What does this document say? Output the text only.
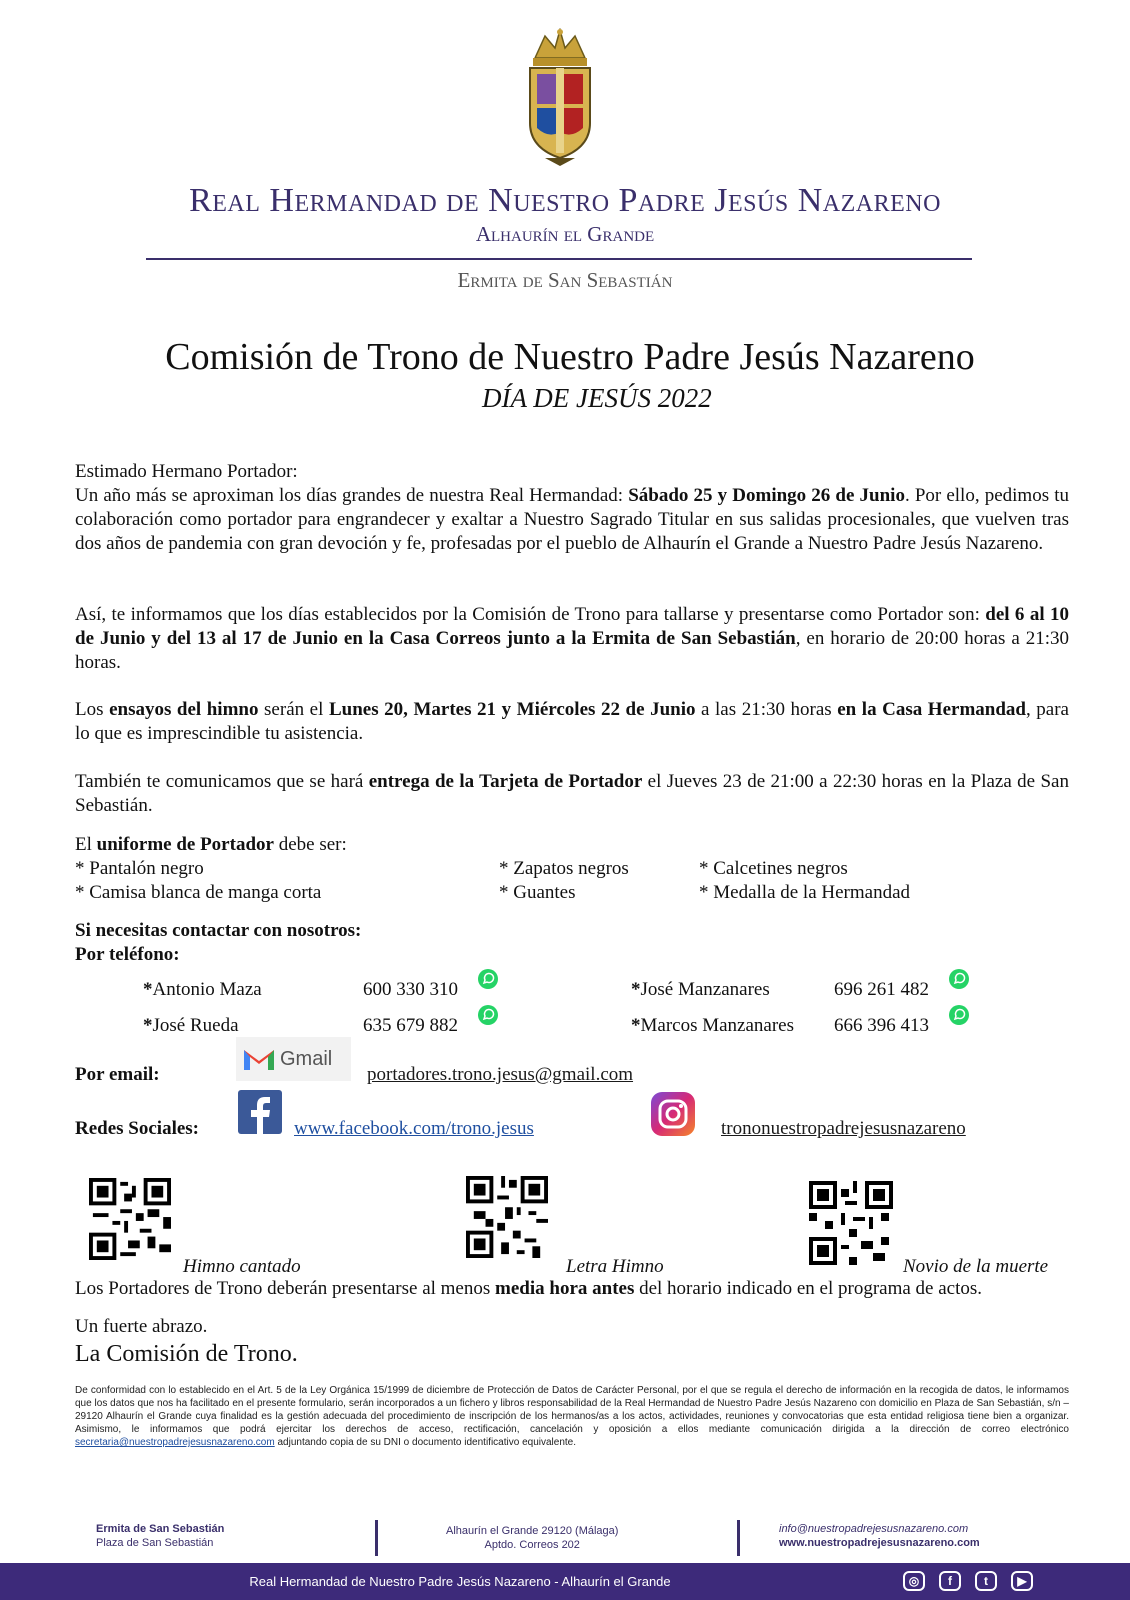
Real Hermandad de Nuestro Padre Jesús Nazareno
Alhaurín el Grande
Ermita de San Sebastián
Comisión de Trono de Nuestro Padre Jesús Nazareno
DÍA DE JESÚS 2022
Estimado Hermano Portador:
Un año más se aproximan los días grandes de nuestra Real Hermandad: Sábado 25 y Domingo 26 de Junio. Por ello, pedimos tu colaboración como portador para engrandecer y exaltar a Nuestro Sagrado Titular en sus salidas procesionales, que vuelven tras dos años de pandemia con gran devoción y fe, profesadas por el pueblo de Alhaurín el Grande a Nuestro Padre Jesús Nazareno.
Así, te informamos que los días establecidos por la Comisión de Trono para tallarse y presentarse como Portador son: del 6 al 10 de Junio y del 13 al 17 de Junio en la Casa Correos junto a la Ermita de San Sebastián, en horario de 20:00 horas a 21:30 horas.
Los ensayos del himno serán el Lunes 20, Martes 21 y Miércoles 22 de Junio a las 21:30 horas en la Casa Hermandad, para lo que es imprescindible tu asistencia.
También te comunicamos que se hará entrega de la Tarjeta de Portador el Jueves 23 de 21:00 a 22:30 horas en la Plaza de San Sebastián.
El uniforme de Portador debe ser:
* Pantalón negro
* Camisa blanca de manga corta
* Zapatos negros
* Guantes
* Calcetines negros
* Medalla de la Hermandad
Si necesitas contactar con nosotros:
Por teléfono:
*Antonio Maza	600 330 310
*José Rueda	635 679 882
*José Manzanares	696 261 482
*Marcos Manzanares 666 396 413
Por email:
Gmail
portadores.trono.jesus@gmail.com
Redes Sociales:	www.facebook.com/trono.jesus	trononuestropadrejesusnazareno
Himno cantado	Letra Himno	Novio de la muerte
Los Portadores de Trono deberán presentarse al menos media hora antes del horario indicado en el programa de actos.
Un fuerte abrazo.
La Comisión de Trono.
De conformidad con lo establecido en el Art. 5 de la Ley Orgánica 15/1999 de diciembre de Protección de Datos de Carácter Personal, por el que se regula el derecho de información en la recogida de datos, le informamos que los datos que nos ha facilitado en el presente formulario, serán incorporados a un fichero y libros responsabilidad de la Real Hermandad de Nuestro Padre Jesús Nazareno con domicilio en Plaza de San Sebastián, s/n – 29120 Alhaurín el Grande cuya finalidad es la gestión adecuada del procedimiento de inscripción de los hermanos/as a los actos, actividades, reuniones y convocatorias que esta entidad religiosa tiene bien a organizar. Asimismo, le informamos que podrá ejercitar los derechos de acceso, rectificación, cancelación y oposición a ellos mediante comunicación dirigida a la dirección de correo electrónico secretaria@nuestropadrejesusnazareno.com adjuntando copia de su DNI o documento identificativo equivalente.
Ermita de San Sebastián
Plaza de San Sebastián
Alhaurín el Grande 29120 (Málaga)
Aptdo. Correos 202
info@nuestropadrejesusnazareno.com
www.nuestropadrejesusnazareno.com
Real Hermandad de Nuestro Padre Jesús Nazareno - Alhaurín el Grande	◎	f	t	▶
